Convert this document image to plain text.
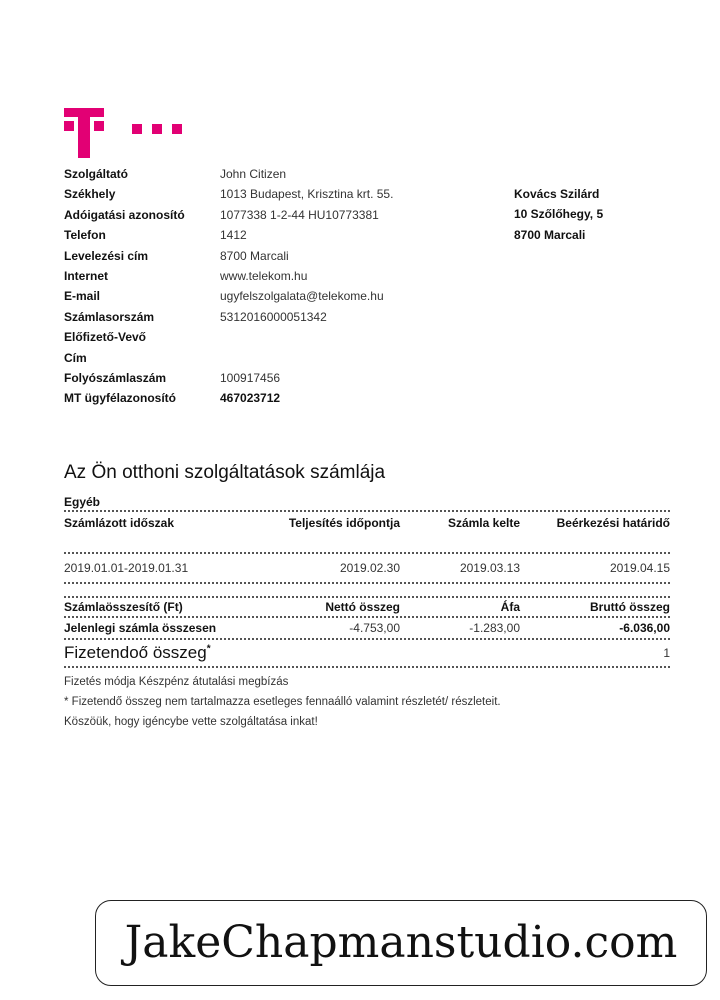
Szolgáltató	John Citizen
Székhely	1013 Budapest, Krisztina krt. 55.
Adóigatási azonosító	1077338 1-2-44 HU10773381
Telefon	1412
Levelezési cím	8700 Marcali
Internet	www.telekom.hu
E-mail	ugyfelszolgalata@telekome.hu
Számlasorszám	5312016000051342
Előfizető-Vevő
Cím
Folyószámlaszám	100917456
MT ügyfélazonosító	467023712
Kovács Szilárd
10 Szőlőhegy, 5
8700 Marcali
Az Ön otthoni szolgáltatások számlája
Egyéb
Számlázott időszak	Teljesítés időpontja	Számla kelte	Beérkezési határidő
2019.01.01-2019.01.31	2019.02.30	2019.03.13	2019.04.15
Számlaösszesítő (Ft)	Nettó összeg	Áfa	Bruttó összeg
Jelenlegi számla összesen	-4.753,00	-1.283,00	-6.036,00
Fizetendoő összeg*	1
Fizetés módja Készpénz átutalási megbízás
* Fizetendő összeg nem tartalmazza esetleges fennaálló valamint részletét/ részleteit.
Köszöük, hogy igéncybe vette szolgáltatása inkat!
JakeChapmanstudio.com
